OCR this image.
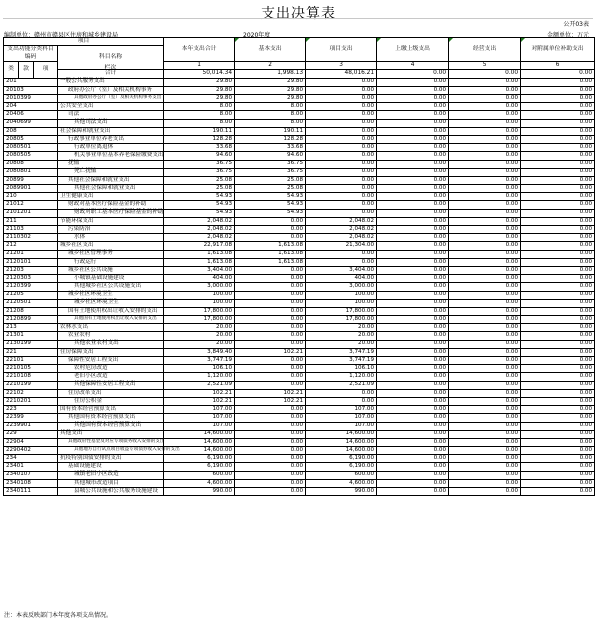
支出决算表
公开03表
编制单位：赣州市赣县区住房和城乡建设局	2020年度	金额单位：万元
项目				本年支出合计	基本支出	项目支出	上缴上级支出	经营支出	对附属单位补助支出
支出功能分类科目编码			科目名称						

类	款	项		1	2	3	4	5	6
			合计	50,014.34	1,998.13	48,016.21	0.00	0.00	0.00
201			一般公共服务支出	29.80	29.80	0.00	0.00	0.00	0.00
20103			政府办公厅（室）及相关机构事务	29.80	29.80	0.00	0.00	0.00	0.00
2010399			其他政府办公厅（室）及相关机构事务支出	29.80	29.80	0.00	0.00	0.00	0.00
204			公共安全支出	8.00	8.00	0.00	0.00	0.00	0.00
20406			司法	8.00	8.00	0.00	0.00	0.00	0.00
2040699			其他司法支出	8.00	8.00	0.00	0.00	0.00	0.00
208			社会保障和就业支出	190.11	190.11	0.00	0.00	0.00	0.00
20805			行政事业单位养老支出	128.28	128.28	0.00	0.00	0.00	0.00
2080501			行政单位离退休	33.68	33.68	0.00	0.00	0.00	0.00
2080505			机关事业单位基本养老保险缴费支出	94.60	94.60	0.00	0.00	0.00	0.00
20808			抚恤	36.75	36.75	0.00	0.00	0.00	0.00
2080801			死亡抚恤	36.75	36.75	0.00	0.00	0.00	0.00
20899			其他社会保障和就业支出	25.08	25.08	0.00	0.00	0.00	0.00
2089901			其他社会保障和就业支出	25.08	25.08	0.00	0.00	0.00	0.00
210			卫生健康支出	54.93	54.93	0.00	0.00	0.00	0.00
21012			财政对基本医疗保险基金的补助	54.93	54.93	0.00	0.00	0.00	0.00
2101201			财政对职工基本医疗保险基金的补助	54.93	54.93	0.00	0.00	0.00	0.00
211			节能环保支出	2,048.02	0.00	2,048.02	0.00	0.00	0.00
21103			污染防治	2,048.02	0.00	2,048.02	0.00	0.00	0.00
2110302			水体	2,048.02	0.00	2,048.02	0.00	0.00	0.00
212			城乡社区支出	22,917.08	1,613.08	21,304.00	0.00	0.00	0.00
21201			城乡社区管理事务	1,613.08	1,613.08	0.00	0.00	0.00	0.00
2120101			行政运行	1,613.08	1,613.08	0.00	0.00	0.00	0.00
21203			城乡社区公共设施	3,404.00	0.00	3,404.00	0.00	0.00	0.00
2120303			小城镇基础设施建设	404.00	0.00	404.00	0.00	0.00	0.00
2120399			其他城乡社区公共设施支出	3,000.00	0.00	3,000.00	0.00	0.00	0.00
21205			城乡社区环境卫生	100.00	0.00	100.00	0.00	0.00	0.00
2120501			城乡社区环境卫生	100.00	0.00	100.00	0.00	0.00	0.00
21208			国有土地使用权出让收入安排的支出	17,800.00	0.00	17,800.00	0.00	0.00	0.00
2120899			其他国有土地使用权出让收入安排的支出	17,800.00	0.00	17,800.00	0.00	0.00	0.00
213			农林水支出	20.00	0.00	20.00	0.00	0.00	0.00
21301			农业农村	20.00	0.00	20.00	0.00	0.00	0.00
2130199			其他农业农村支出	20.00	0.00	20.00	0.00	0.00	0.00
221			住房保障支出	3,849.40	102.21	3,747.19	0.00	0.00	0.00
22101			保障性安居工程支出	3,747.19	0.00	3,747.19	0.00	0.00	0.00
2210105			农村危房改造	106.10	0.00	106.10	0.00	0.00	0.00
2210108			老旧小区改造	1,120.00	0.00	1,120.00	0.00	0.00	0.00
2210199			其他保障性安居工程支出	2,521.09	0.00	2,521.09	0.00	0.00	0.00
22102			住房改革支出	102.21	102.21	0.00	0.00	0.00	0.00
2210201			住房公积金	102.21	102.21	0.00	0.00	0.00	0.00
223			国有资本经营预算支出	107.00	0.00	107.00	0.00	0.00	0.00
22399			其他国有资本经营预算支出	107.00	0.00	107.00	0.00	0.00	0.00
2239901			其他国有资本经营预算支出	107.00	0.00	107.00	0.00	0.00	0.00
229			其他支出	14,600.00	0.00	14,600.00	0.00	0.00	0.00
22904			其他政府性基金及对应专项债务收入安排的支出	14,600.00	0.00	14,600.00	0.00	0.00	0.00
2290402			其他地方自行试点项目收益专项债券收入安排的支出	14,600.00	0.00	14,600.00	0.00	0.00	0.00
234			抗疫特别国债安排的支出	6,190.00	0.00	6,190.00	0.00	0.00	0.00
23401			基础设施建设	6,190.00	0.00	6,190.00	0.00	0.00	0.00
2340107			城镇老旧小区改造	600.00	0.00	600.00	0.00	0.00	0.00
2340108			其他城市改造项目	4,600.00	0.00	4,600.00	0.00	0.00	0.00
2340111			县城公共设施和公共服务设施建设	990.00	0.00	990.00	0.00	0.00	0.00
注：本表反映部门本年度各项支出情况。
栏次
